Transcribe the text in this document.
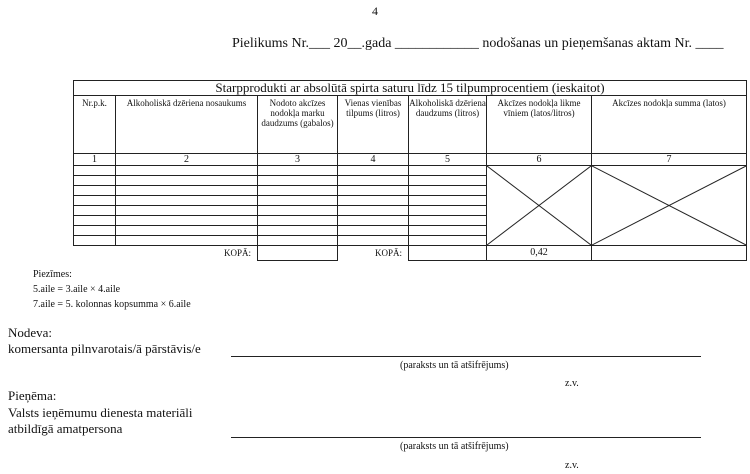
4
Pielikums Nr.___ 20__.gada ____________ nodošanas un pieņemšanas aktam Nr. ____
Starpprodukti ar absolūtā spirta saturu līdz 15 tilpumprocentiem (ieskaitot)						
Nr.p.k.	Alkoholiskā dzēriena nosaukums	Nodoto akcīzes nodokļa marku daudzums (gabalos)	Vienas vienības tilpums (litros)	Alkoholiskā dzēriena daudzums (litros)	Akcīzes nodokļa likme vīniem (latos/litros)	Akcīzes nodokļa summa (latos)
1	2	3	4	5	6	7

	KOPĀ:		KOPĀ:		0,42	
Piezīmes:
5.aile = 3.aile × 4.aile
7.aile = 5. kolonnas kopsumma × 6.aile
Nodeva:
komersanta pilnvarotais/ā pārstāvis/e
(paraksts un tā atšifrējums)
z.v.
Pieņēma:
Valsts ieņēmumu dienesta materiāli
atbildīgā amatpersona
(paraksts un tā atšifrējums)
z.v.
